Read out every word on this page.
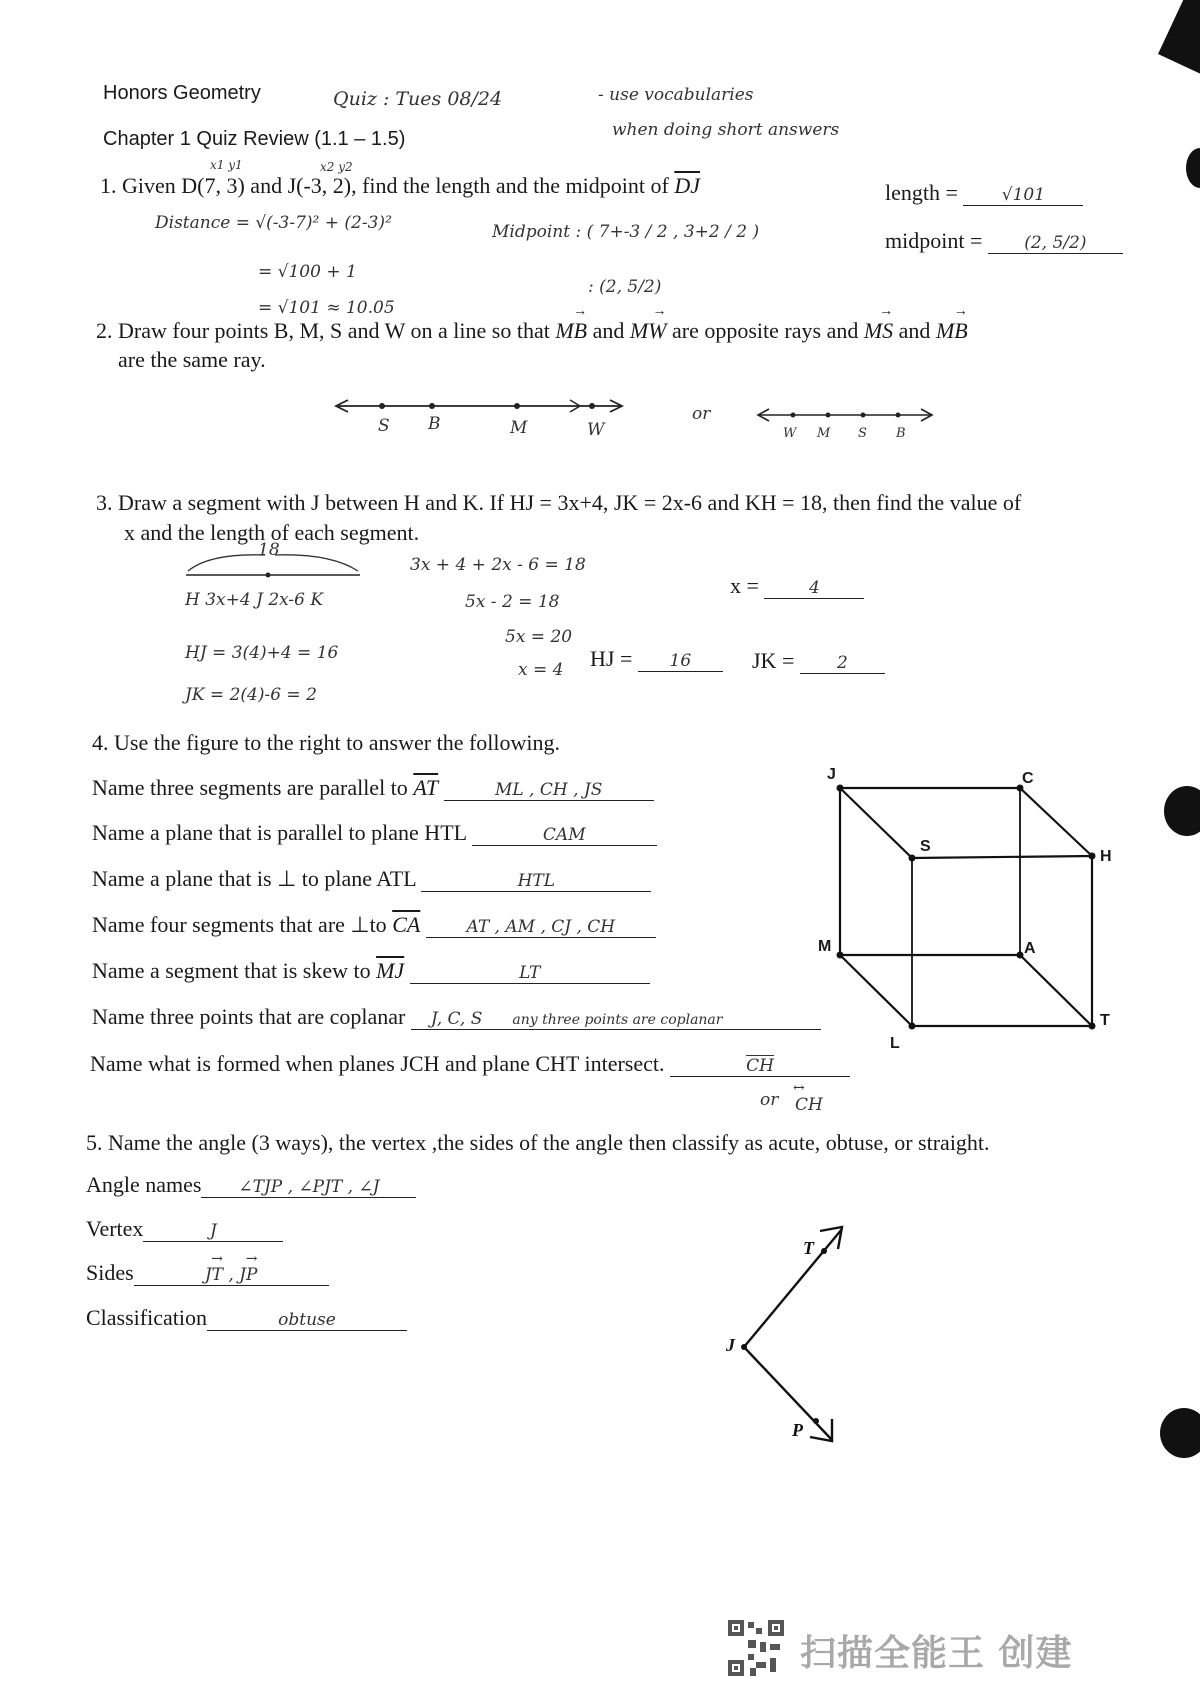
Honors Geometry
Chapter 1 Quiz Review (1.1 – 1.5)
Quiz : Tues 08/24	- use vocabularies
when doing short answers
x1 y1	x2 y2
1. Given D(7, 3) and J(-3, 2), find the length and the midpoint of $\overline{DJ}$	length =	√101
midpoint = (2, 5/2)
Distance = √(-3-7)² + (2-3)²
= √100 + 1
= √101 ≈ 10.05
Midpoint : ( 7+-3 / 2 , 3+2 / 2 )
: (2, 5/2)
2. Draw four points B, M, S and W on a line so that → MB and → MW are opposite rays and → MS and → MB
are the same ray.
S B	M	W
or
W M S B
3. Draw a segment with J between H and K. If HJ = 3x+4, JK = 2x-6 and KH = 18, then find the value of
x and the length of each segment.
18
H 3x+4 J 2x-6 K
3x + 4 + 2x - 6 = 18
5x - 2 = 18
5x = 20
x = 4
HJ = 3(4)+4 = 16
JK = 2(4)-6 = 2
x =	4
HJ = 16	JK =	2
4. Use the figure to the right to answer the following.
Name three segments are parallel to $\overline{AT}$	ML , CH , JS
Name a plane that is parallel to plane HTL	CAM
Name a plane that is ⊥ to plane ATL	HTL
Name four segments that are ⊥to $\overline{CA}$	AT , AM , CJ , CH
Name a segment that is skew to $\overline{MJ}$	LT
Name three points that are coplanar J, C, S any three points are coplanar
Name what is formed when planes JCH and plane CHT intersect.	$\overline{CH}$
or ↔ CH
J	C
S
H
M	A
L
T
5. Name the angle (3 ways), the vertex ,the sides of the angle then classify as acute, obtuse, or straight.
Angle names ∠TJP , ∠PJT , ∠J
Vertex	J
Sides	→ JT , → JP
Classification	obtuse
T
J
P
扫描全能王 创建
